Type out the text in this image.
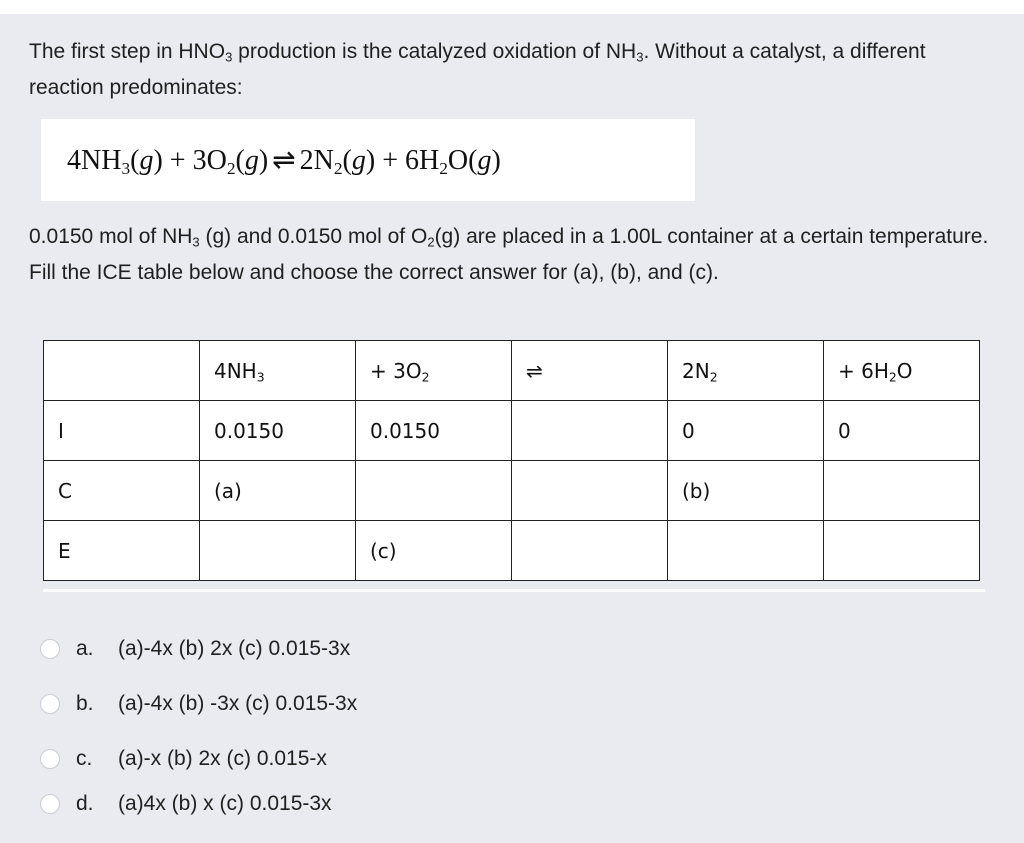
The first step in $HNO_3$ production is the catalyzed oxidation of $NH_3$. Without a catalyst, a different reaction predominates:
$4NH_3(g) + 3O_2(g)$ ⇌ $2N_2(g) + 6H_2O(g)$
0.0150 mol of $NH_3$ (g) and 0.0150 mol of $O_2(g)$ are placed in a 1.00L container at a certain temperature. Fill the ICE table below and choose the correct answer for (a), (b), and (c).
	$4NH_3$	+ $3O_2$	⇌	$2N_2$	+ $6H_2O$
I	0.0150	0.0150		0	0
C	(a)			(b)	
E		(c)			
a. (a)-4x (b) 2x (c) 0.015-3x
b. (a)-4x (b) -3x (c) 0.015-3x
c. (a)-x (b) 2x (c) 0.015-x
d. (a)4x (b) x (c) 0.015-3x
